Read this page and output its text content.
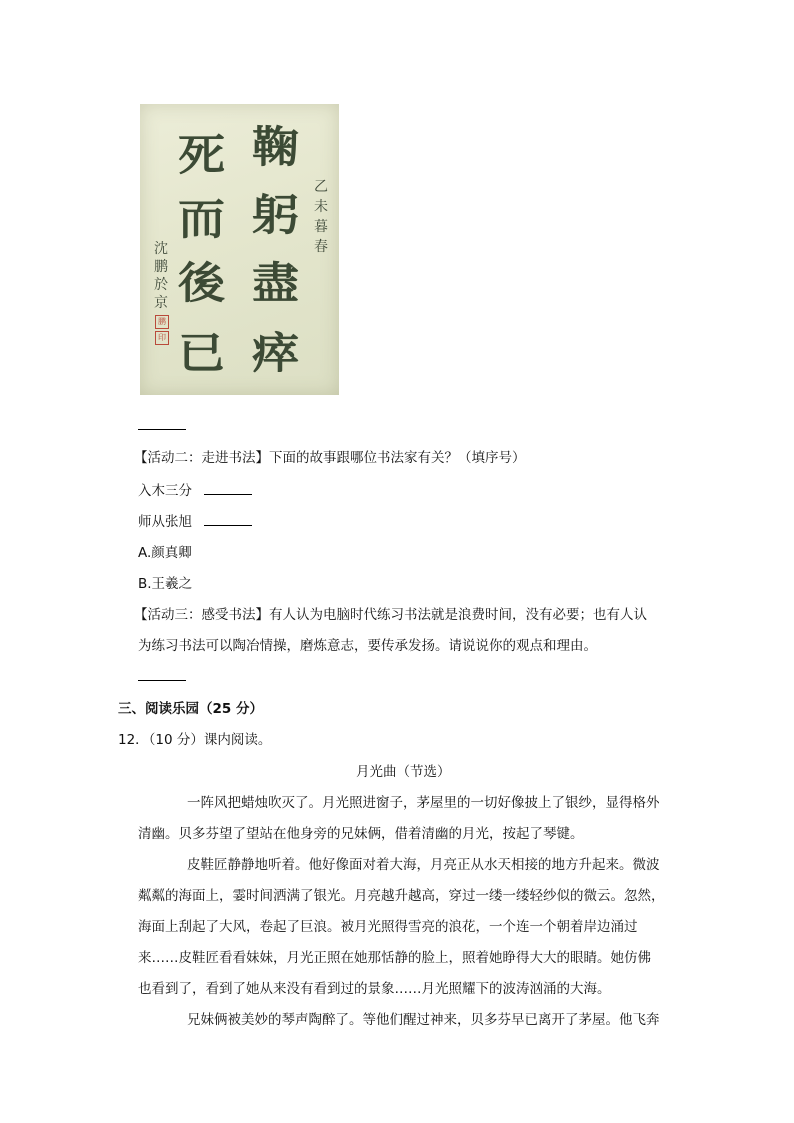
鞠
躬
盡
瘁
死
而
後
已
乙
未
暮
春
沈
鹏
於
京
鹏
印
【活动二：走进书法】下面的故事跟哪位书法家有关？（填序号）
入木三分
师从张旭
A.颜真卿
B.王羲之
【活动三：感受书法】有人认为电脑时代练习书法就是浪费时间，没有必要；也有人认
为练习书法可以陶冶情操，磨炼意志，要传承发扬。请说说你的观点和理由。
三、阅读乐园（25 分）
12．（10 分）课内阅读。
月光曲（节选）
一阵风把蜡烛吹灭了。月光照进窗子，茅屋里的一切好像披上了银纱，显得格外
清幽。贝多芬望了望站在他身旁的兄妹俩，借着清幽的月光，按起了琴键。
皮鞋匠静静地听着。他好像面对着大海，月亮正从水天相接的地方升起来。微波
粼粼的海面上，霎时间洒满了银光。月亮越升越高，穿过一缕一缕轻纱似的微云。忽然，
海面上刮起了大风，卷起了巨浪。被月光照得雪亮的浪花，一个连一个朝着岸边涌过
来……皮鞋匠看看妹妹，月光正照在她那恬静的脸上，照着她睁得大大的眼睛。她仿佛
也看到了，看到了她从来没有看到过的景象……月光照耀下的波涛汹涌的大海。
兄妹俩被美妙的琴声陶醉了。等他们醒过神来，贝多芬早已离开了茅屋。他飞奔
